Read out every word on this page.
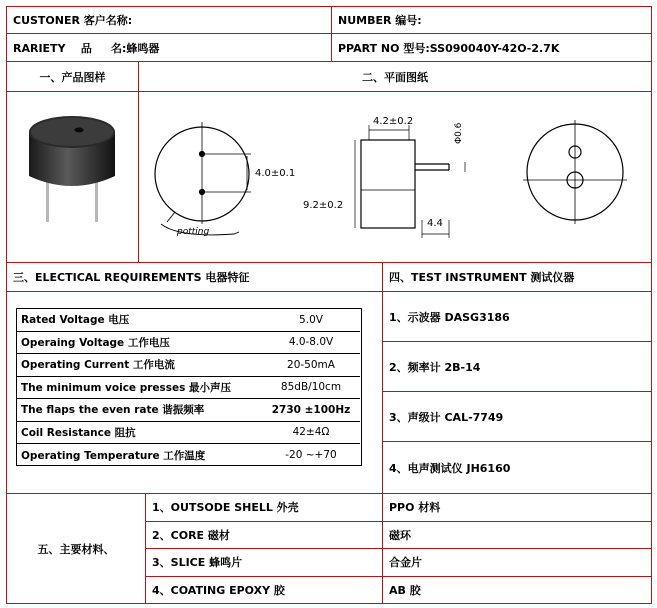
CUSTONER 客户名称:	NUMBER 编号:
RARIETY    品     名:蜂鸣器	PPART NO 型号:SS090040Y-42O-2.7K
一、产品图样	二、平面图纸
4.0±0.1
potting
4.2±0.2
9.2±0.2
4.4
Φ0.6
三、ELECTICAL REQUIREMENTS 电器特征	四、TEST INSTRUMENT 测试仪器
Rated Voltage 电压	5.0V
Operaing Voltage 工作电压	4.0-8.0V
Operating Current 工作电流	20-50mA
The minimum voice presses 最小声压	85dB/10cm
The flaps the even rate 谐振频率	2730 ±100Hz
Coil Resistance 阻抗	42±4Ω
Operating Temperature 工作温度	-20 ~+70
1、示波器 DASG3186
2、频率计 2B-14
3、声级计 CAL-7749
4、电声测试仪 JH6160
五、主要材料、
1、OUTSODE SHELL 外壳	PPO 材料
2、CORE 磁材	磁环
3、SLICE 蜂鸣片	合金片
4、COATING EPOXY 胶	AB 胶
